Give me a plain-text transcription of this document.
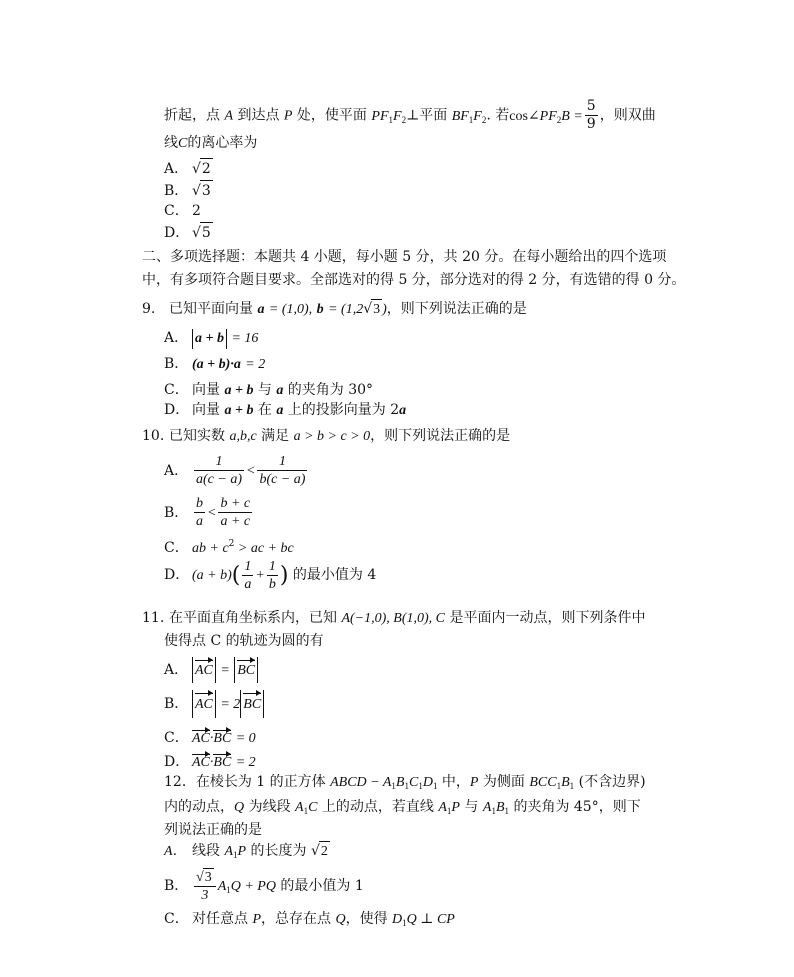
折起，点 A 到达点 P 处，使平面 $PF_1F_2\perp$平面 $BF_1F_2$. 若$\cos\angle PF_2B = \frac{5}{9}$ ，则双曲
线C的离心率为
A． √2
B． √3
C． 2
D． √5
二、多项选择题：本题共 4 小题，每小题 5 分，共 20 分。在每小题给出的四个选项
中，有多项符合题目要求。全部选对的得 5 分，部分选对的得 2 分，有选错的得 0 分。
9. 已知平面向量 a = (1,0), b = (1,2√3 )，则下列说法正确的是
A． a + b = 16
B． (a + b)·a = 2
C． 向量 a + b 与 a 的夹角为 30°
D． 向量 a + b 在 a 上的投影向量为 2a
10. 已知实数 a,b,c 满足 a > b > c > 0，则下列说法正确的是
A． $\frac{1}{a(c - a)} < \frac{1}{b(c - a)}$
B． $\frac{b}{a} < \frac{b + c}{a + c}$
C． ab + $c^2$ > ac + bc
D． $(a + b)( \frac{1}{a} + \frac{1}{b}$ ) 的最小值为 4
11. 在平面直角坐标系内，已知 A(−1,0), B(1,0), C 是平面内一动点，则下列条件中
使得点 C 的轨迹为圆的有
A． AC = BC
B． AC = 2 BC
C． AC·BC = 0
D． AC·BC = 2
12．在棱长为 1 的正方体 ABCD − $A_1B_1C_1D_1$ 中，P 为侧面 $BCC_1B_1$ (不含边界)
内的动点，Q 为线段 $A_1C$ 上的动点，若直线 $A_1P$ 与 $A_1B_1$ 的夹角为 45°，则下
列说法正确的是
A． 线段 $A_1P$ 的长度为 √2
B． $\frac{√3}{3} A_1Q$ + PQ 的最小值为 1
C． 对任意点 P，总存在点 Q，使得 $D_1Q$ ⊥ CP
